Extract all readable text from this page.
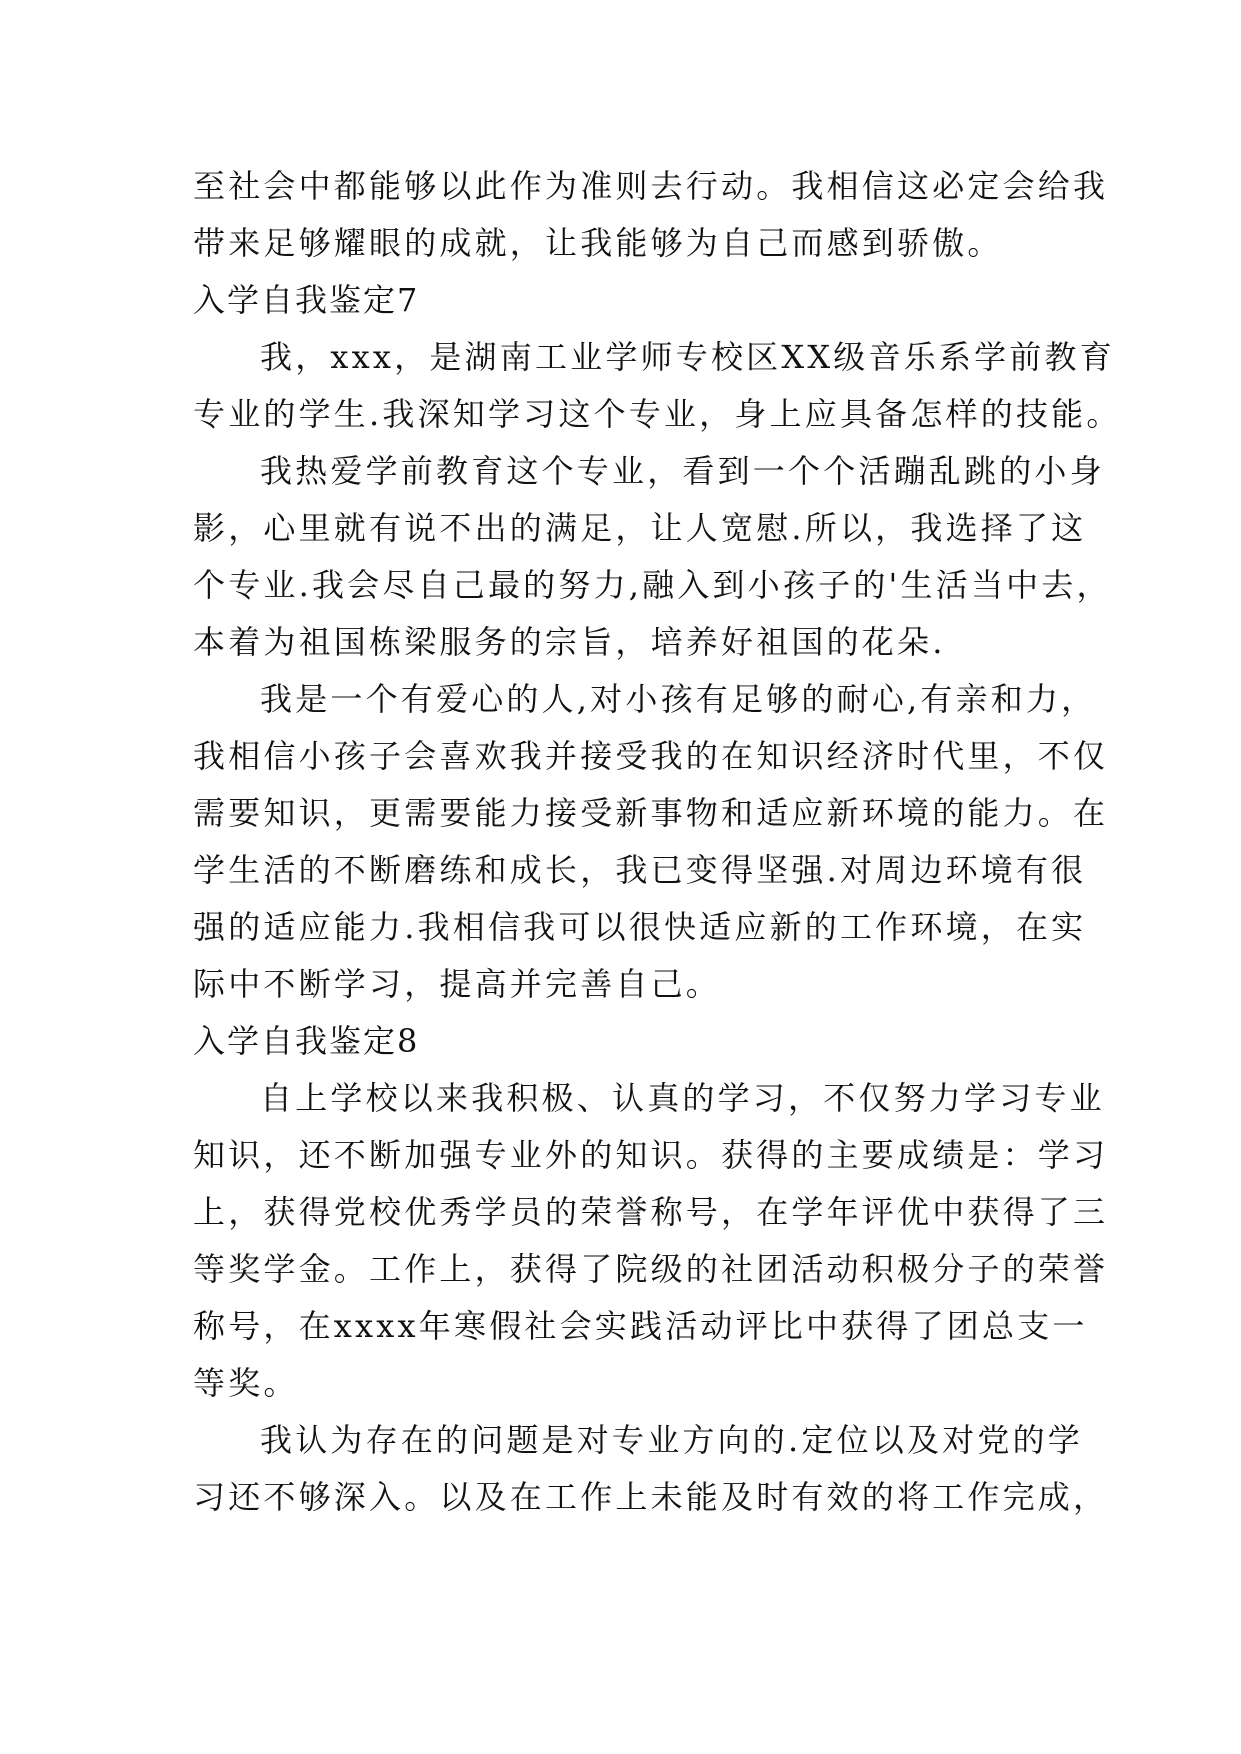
至社会中都能够以此作为准则去行动。我相信这必定会给我
带来足够耀眼的成就，让我能够为自己而感到骄傲。
入学自我鉴定7
我，xxx，是湖南工业学师专校区XX级音乐系学前教育
专业的学生.我深知学习这个专业，身上应具备怎样的技能。
我热爱学前教育这个专业，看到一个个活蹦乱跳的小身
影，心里就有说不出的满足，让人宽慰.所以，我选择了这
个专业.我会尽自己最的努力,融入到小孩子的'生活当中去，
本着为祖国栋梁服务的宗旨，培养好祖国的花朵.
我是一个有爱心的人,对小孩有足够的耐心,有亲和力，
我相信小孩子会喜欢我并接受我的在知识经济时代里，不仅
需要知识，更需要能力接受新事物和适应新环境的能力。在
学生活的不断磨练和成长，我已变得坚强.对周边环境有很
强的适应能力.我相信我可以很快适应新的工作环境，在实
际中不断学习，提高并完善自己。
入学自我鉴定8
自上学校以来我积极、认真的学习，不仅努力学习专业
知识，还不断加强专业外的知识。获得的主要成绩是：学习
上，获得党校优秀学员的荣誉称号，在学年评优中获得了三
等奖学金。工作上，获得了院级的社团活动积极分子的荣誉
称号，在xxxx年寒假社会实践活动评比中获得了团总支一
等奖。
我认为存在的问题是对专业方向的.定位以及对党的学
习还不够深入。以及在工作上未能及时有效的将工作完成，
